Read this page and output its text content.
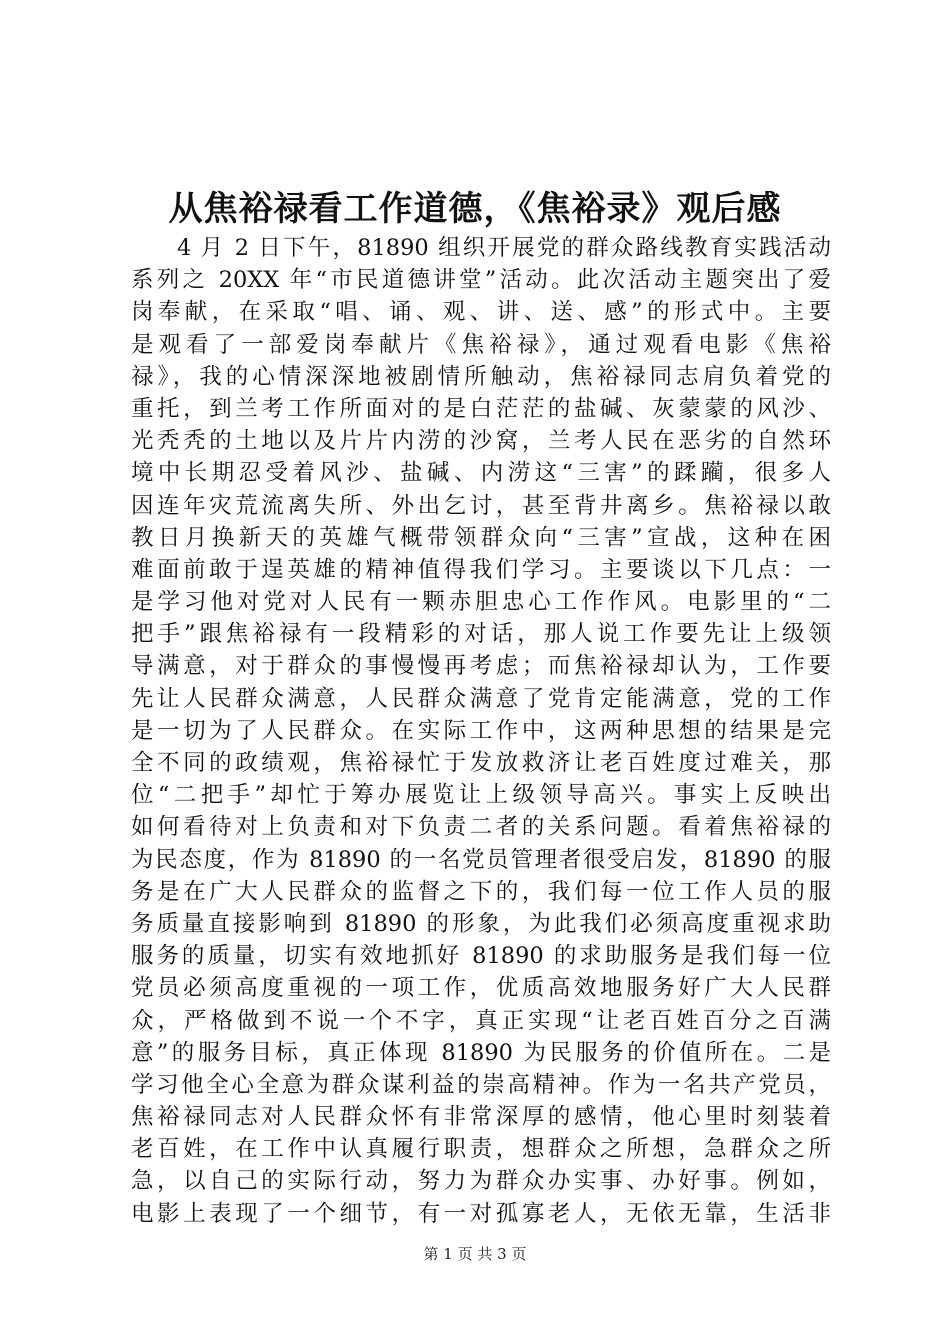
从焦裕禄看工作道德，《焦裕录》观后感
4 月 2 日下午，81890 组织开展党的群众路线教育实践活动
系列之 20XX 年“市民道德讲堂”活动。此次活动主题突出了爱
岗奉献，在采取“唱、诵、观、讲、送、感”的形式中。主要
是观看了一部爱岗奉献片《焦裕禄》，通过观看电影《焦裕
禄》，我的心情深深地被剧情所触动，焦裕禄同志肩负着党的
重托，到兰考工作所面对的是白茫茫的盐碱、灰蒙蒙的风沙、
光秃秃的土地以及片片内涝的沙窝，兰考人民在恶劣的自然环
境中长期忍受着风沙、盐碱、内涝这“三害”的蹂躏，很多人
因连年灾荒流离失所、外出乞讨，甚至背井离乡。焦裕禄以敢
教日月换新天的英雄气概带领群众向“三害”宣战，这种在困
难面前敢于逞英雄的精神值得我们学习。主要谈以下几点：一
是学习他对党对人民有一颗赤胆忠心工作作风。电影里的“二
把手”跟焦裕禄有一段精彩的对话，那人说工作要先让上级领
导满意，对于群众的事慢慢再考虑；而焦裕禄却认为，工作要
先让人民群众满意，人民群众满意了党肯定能满意，党的工作
是一切为了人民群众。在实际工作中，这两种思想的结果是完
全不同的政绩观，焦裕禄忙于发放救济让老百姓度过难关，那
位“二把手”却忙于筹办展览让上级领导高兴。事实上反映出
如何看待对上负责和对下负责二者的关系问题。看着焦裕禄的
为民态度，作为 81890 的一名党员管理者很受启发，81890 的服
务是在广大人民群众的监督之下的，我们每一位工作人员的服
务质量直接影响到 81890 的形象，为此我们必须高度重视求助
服务的质量，切实有效地抓好 81890 的求助服务是我们每一位
党员必须高度重视的一项工作，优质高效地服务好广大人民群
众，严格做到不说一个不字，真正实现“让老百姓百分之百满
意”的服务目标，真正体现 81890 为民服务的价值所在。二是
学习他全心全意为群众谋利益的崇高精神。作为一名共产党员，
焦裕禄同志对人民群众怀有非常深厚的感情，他心里时刻装着
老百姓，在工作中认真履行职责，想群众之所想，急群众之所
急，以自己的实际行动，努力为群众办实事、办好事。例如，
电影上表现了一个细节，有一对孤寡老人，无依无靠，生活非
第 1 页 共 3 页
